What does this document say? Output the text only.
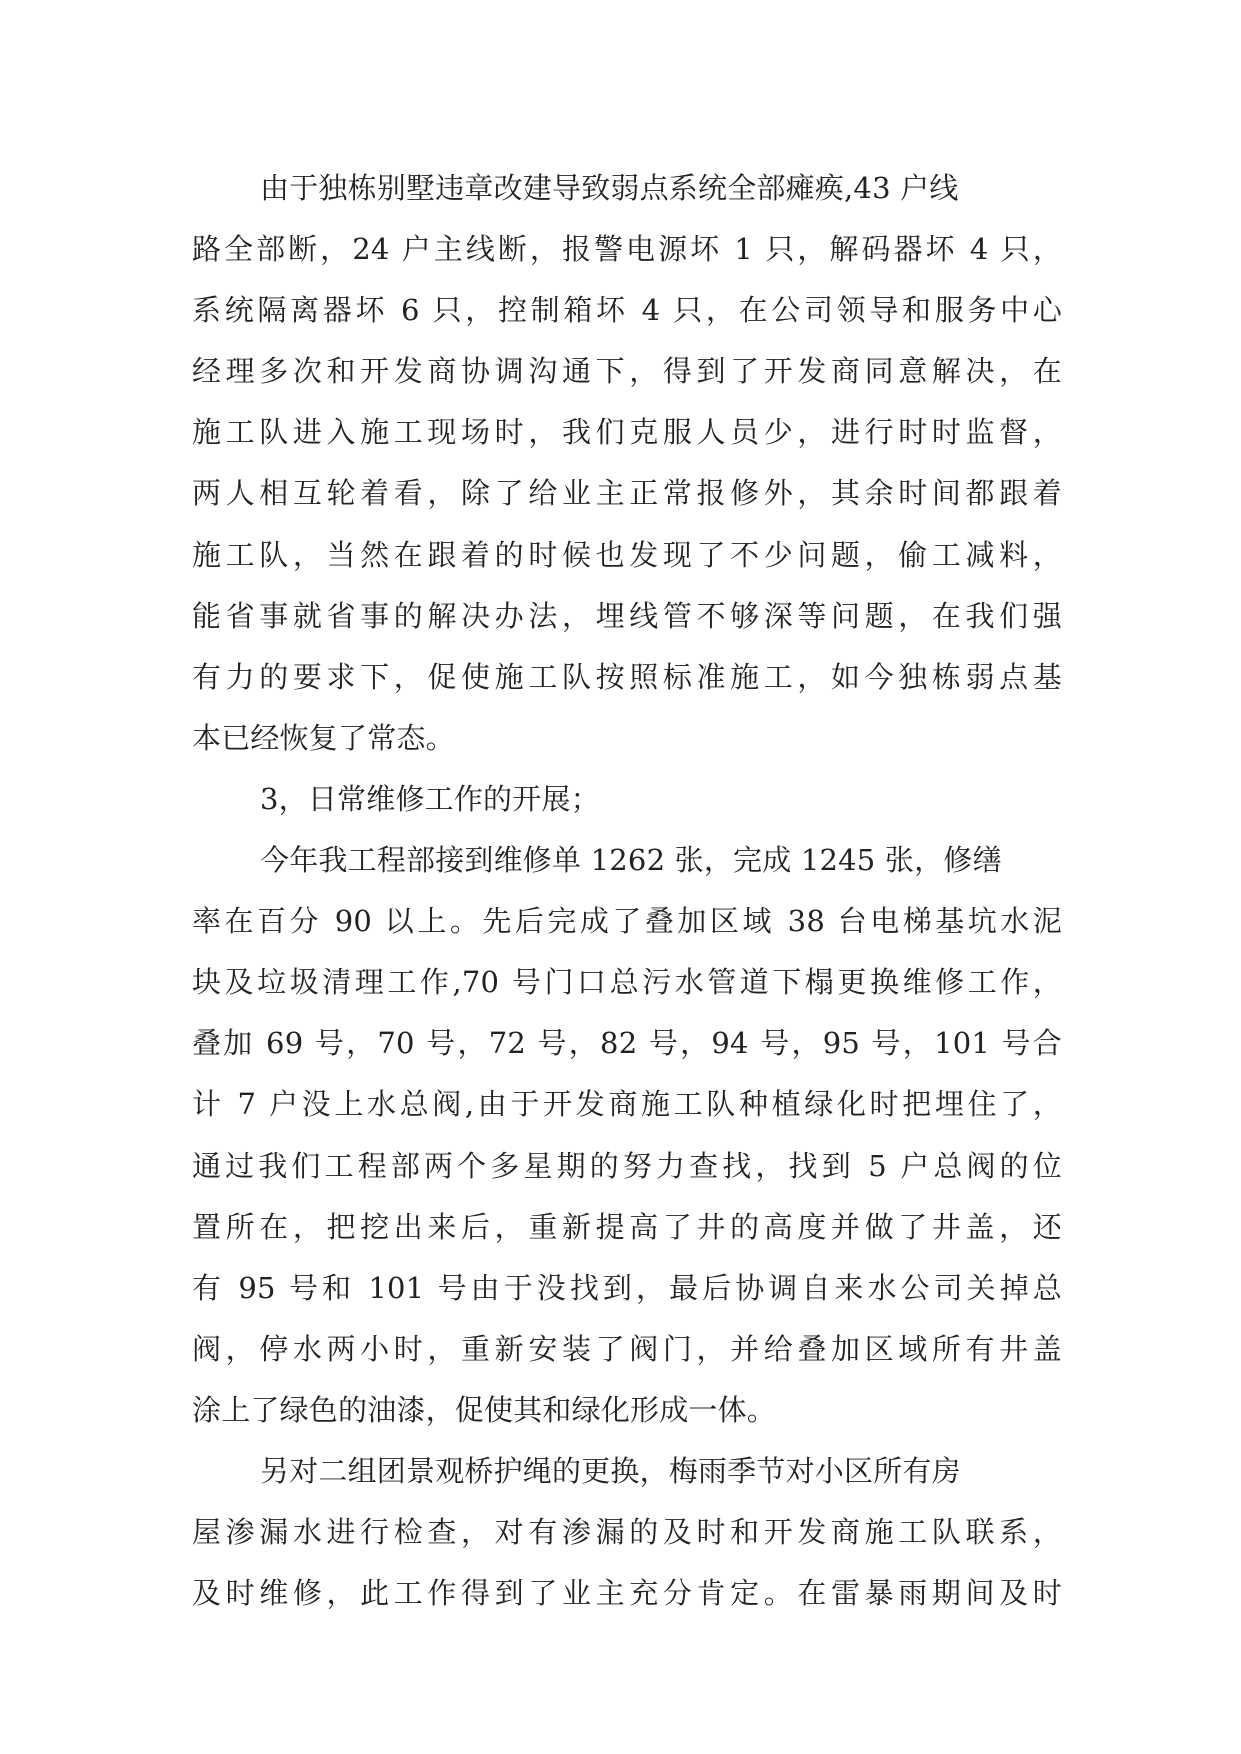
由于独栋别墅违章改建导致弱点系统全部瘫痪,43 户线
路全部断，24 户主线断，报警电源坏 1 只，解码器坏 4 只，
系统隔离器坏 6 只，控制箱坏 4 只，在公司领导和服务中心
经理多次和开发商协调沟通下，得到了开发商同意解决，在
施工队进入施工现场时，我们克服人员少，进行时时监督，
两人相互轮着看，除了给业主正常报修外，其余时间都跟着
施工队，当然在跟着的时候也发现了不少问题，偷工减料，
能省事就省事的解决办法，埋线管不够深等问题，在我们强
有力的要求下，促使施工队按照标准施工，如今独栋弱点基
本已经恢复了常态。
3，日常维修工作的开展；
今年我工程部接到维修单 1262 张，完成 1245 张，修缮
率在百分 90 以上。先后完成了叠加区域 38 台电梯基坑水泥
块及垃圾清理工作,70 号门口总污水管道下榻更换维修工作，
叠加 69 号，70 号，72 号，82 号，94 号，95 号，101 号合
计 7 户没上水总阀,由于开发商施工队种植绿化时把埋住了，
通过我们工程部两个多星期的努力查找，找到 5 户总阀的位
置所在，把挖出来后，重新提高了井的高度并做了井盖，还
有 95 号和 101 号由于没找到，最后协调自来水公司关掉总
阀，停水两小时，重新安装了阀门，并给叠加区域所有井盖
涂上了绿色的油漆，促使其和绿化形成一体。
另对二组团景观桥护绳的更换，梅雨季节对小区所有房
屋渗漏水进行检查，对有渗漏的及时和开发商施工队联系，
及时维修，此工作得到了业主充分肯定。在雷暴雨期间及时
